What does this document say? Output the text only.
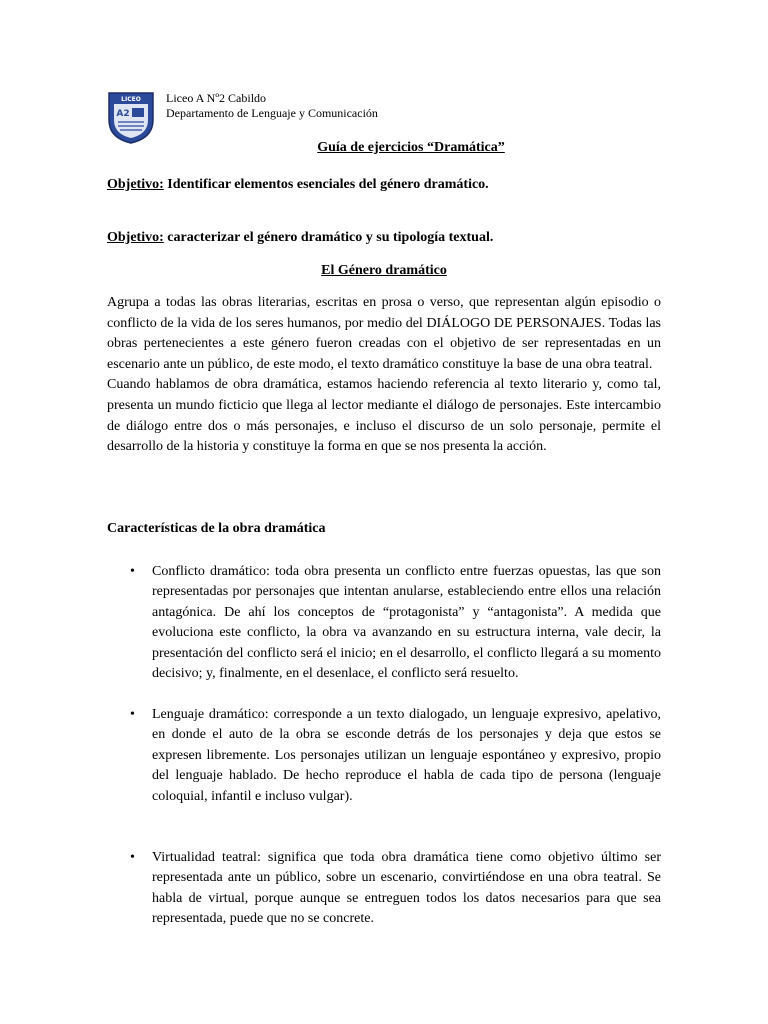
LICEO
A2
Liceo A Nº2 Cabildo
Departamento de Lenguaje y Comunicación
Guía de ejercicios “Dramática”
Objetivo: Identificar elementos esenciales del género dramático.
Objetivo: caracterizar el género dramático y su tipología textual.
El Género dramático

Agrupa a todas las obras literarias, escritas en prosa o verso, que representan algún episodio o conflicto de la vida de los seres humanos, por medio del DIÁLOGO DE PERSONAJES. Todas las obras pertenecientes a este género fueron creadas con el objetivo de ser representadas en un escenario ante un público, de este modo, el texto dramático constituye la base de una obra teatral.

Cuando hablamos de obra dramática, estamos haciendo referencia al texto literario y, como tal, presenta un mundo ficticio que llega al lector mediante el diálogo de personajes. Este intercambio de diálogo entre dos o más personajes, e incluso el discurso de un solo personaje, permite el desarrollo de la historia y constituye la forma en que se nos presenta la acción.

Características de la obra dramática
• Conflicto dramático: toda obra presenta un conflicto entre fuerzas opuestas, las que son representadas por personajes que intentan anularse, estableciendo entre ellos una relación antagónica. De ahí los conceptos de “protagonista” y “antagonista”. A medida que evoluciona este conflicto, la obra va avanzando en su estructura interna, vale decir, la presentación del conflicto será el inicio; en el desarrollo, el conflicto llegará a su momento decisivo; y, finalmente, en el desenlace, el conflicto será resuelto.
• Lenguaje dramático: corresponde a un texto dialogado, un lenguaje expresivo, apelativo, en donde el auto de la obra se esconde detrás de los personajes y deja que estos se expresen libremente. Los personajes utilizan un lenguaje espontáneo y expresivo, propio del lenguaje hablado. De hecho reproduce el habla de cada tipo de persona (lenguaje coloquial, infantil e incluso vulgar).
• Virtualidad teatral: significa que toda obra dramática tiene como objetivo último ser representada ante un público, sobre un escenario, convirtiéndose en una obra teatral. Se habla de virtual, porque aunque se entreguen todos los datos necesarios para que sea representada, puede que no se concrete.
